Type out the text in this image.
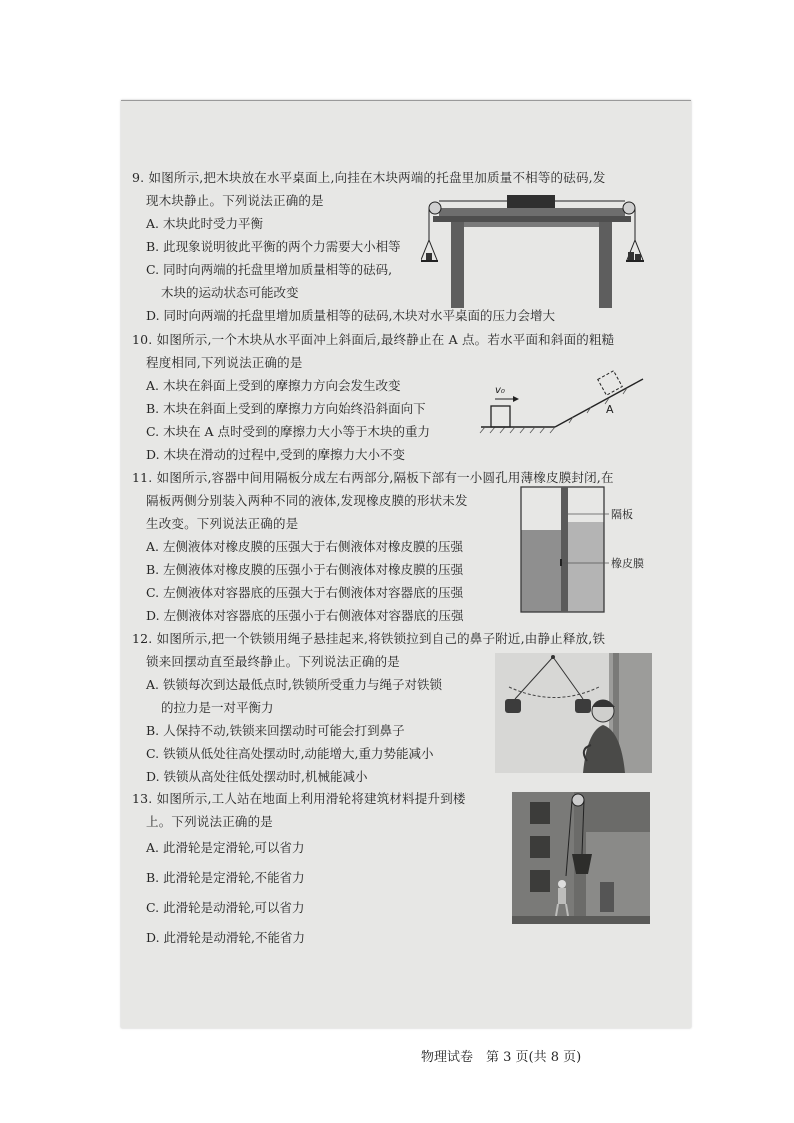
9. 如图所示,把木块放在水平桌面上,向挂在木块两端的托盘里加质量不相等的砝码,发
现木块静止。下列说法正确的是
A. 木块此时受力平衡
B. 此现象说明彼此平衡的两个力需要大小相等
C. 同时向两端的托盘里增加质量相等的砝码,
木块的运动状态可能改变
D. 同时向两端的托盘里增加质量相等的砝码,木块对水平桌面的压力会增大
10. 如图所示,一个木块从水平面冲上斜面后,最终静止在 A 点。若水平面和斜面的粗糙
程度相同,下列说法正确的是
A. 木块在斜面上受到的摩擦力方向会发生改变
B. 木块在斜面上受到的摩擦力方向始终沿斜面向下
C. 木块在 A 点时受到的摩擦力大小等于木块的重力
D. 木块在滑动的过程中,受到的摩擦力大小不变
v₀
A
11. 如图所示,容器中间用隔板分成左右两部分,隔板下部有一小圆孔用薄橡皮膜封闭,在
隔板两侧分别装入两种不同的液体,发现橡皮膜的形状未发
生改变。下列说法正确的是
A. 左侧液体对橡皮膜的压强大于右侧液体对橡皮膜的压强
B. 左侧液体对橡皮膜的压强小于右侧液体对橡皮膜的压强
C. 左侧液体对容器底的压强大于右侧液体对容器底的压强
D. 左侧液体对容器底的压强小于右侧液体对容器底的压强
隔板
橡皮膜
12. 如图所示,把一个铁锁用绳子悬挂起来,将铁锁拉到自己的鼻子附近,由静止释放,铁
锁来回摆动直至最终静止。下列说法正确的是
A. 铁锁每次到达最低点时,铁锁所受重力与绳子对铁锁
的拉力是一对平衡力
B. 人保持不动,铁锁来回摆动时可能会打到鼻子
C. 铁锁从低处往高处摆动时,动能增大,重力势能减小
D. 铁锁从高处往低处摆动时,机械能减小
13. 如图所示,工人站在地面上利用滑轮将建筑材料提升到楼
上。下列说法正确的是
A. 此滑轮是定滑轮,可以省力
B. 此滑轮是定滑轮,不能省力
C. 此滑轮是动滑轮,可以省力
D. 此滑轮是动滑轮,不能省力
物理试卷　第 3 页(共 8 页)
